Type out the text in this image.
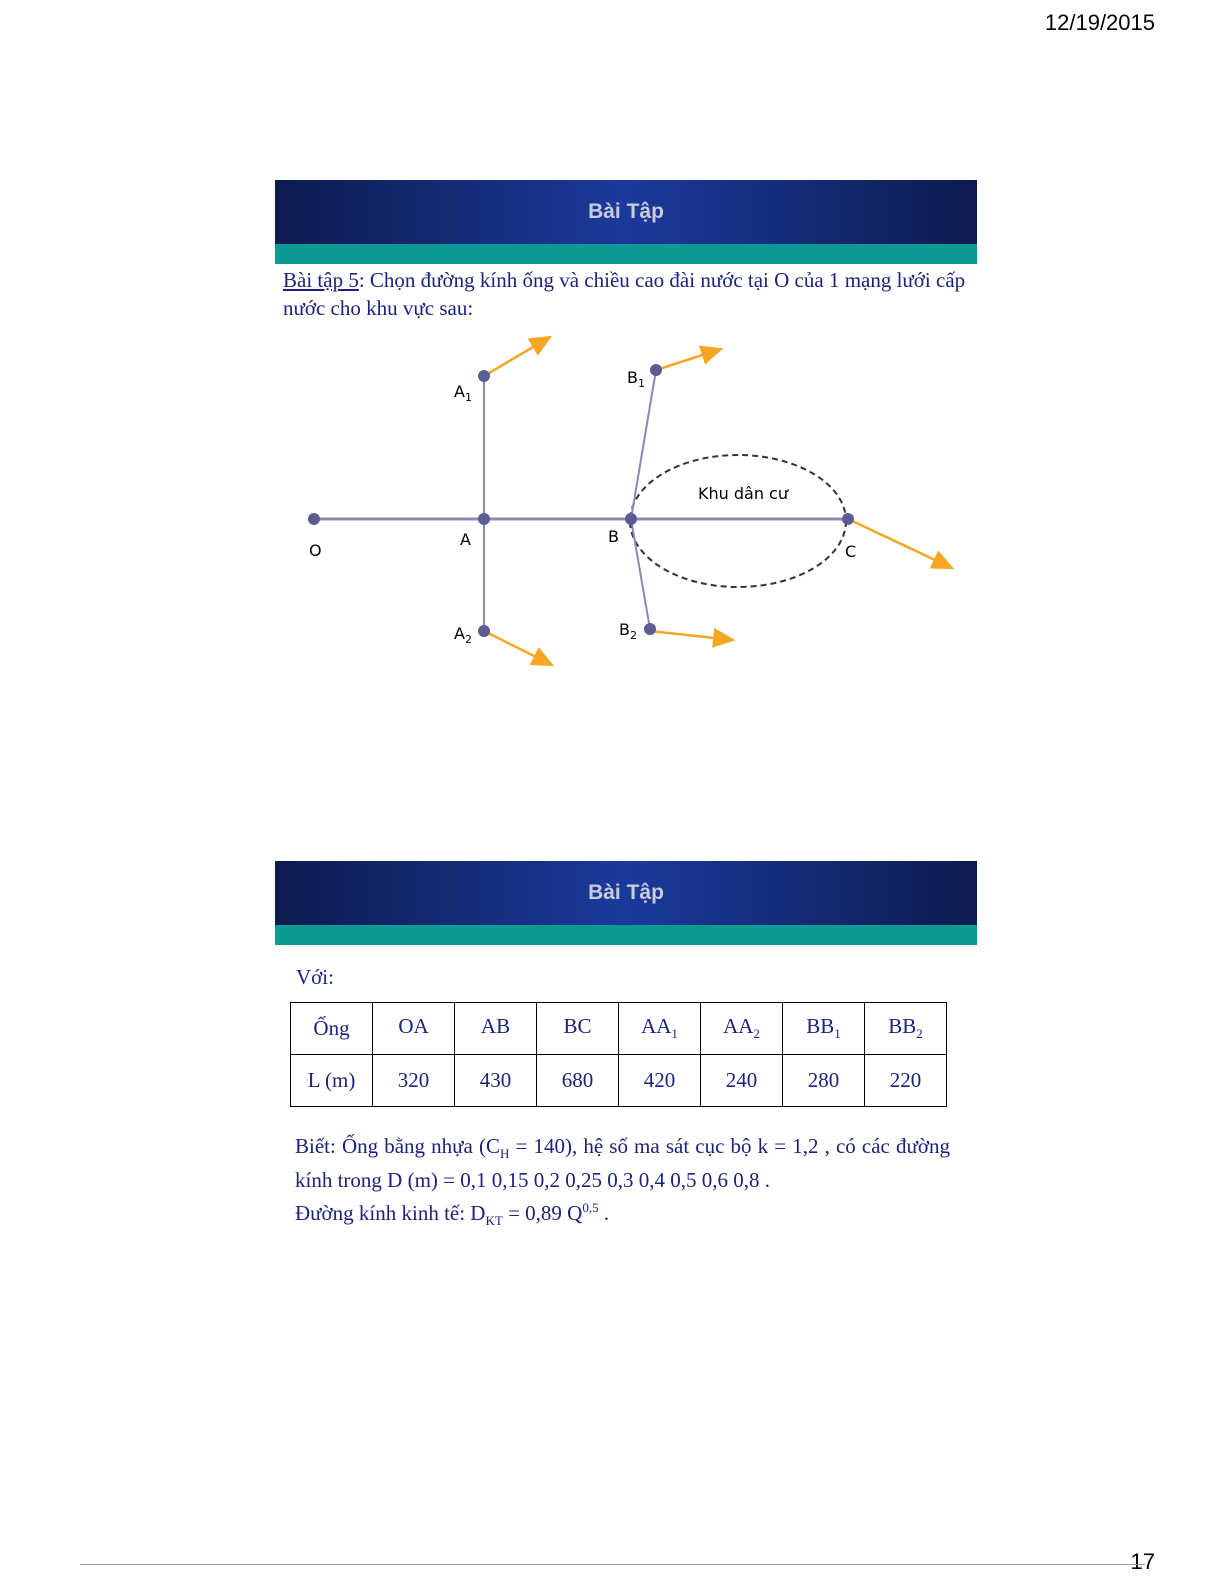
12/19/2015
Bài Tập
Bài tập 5: Chọn đường kính ống và chiều cao đài nước tại O của 1 mạng lưới cấp nước cho khu vực sau:
O
A	B
C
$A_1$
$A_2$
$B_1$
$B_2$
Khu dân cư
Bài Tập
Với:
Ống	OA	AB	BC	$AA_1$	$AA_2$	$BB_1$	$BB_2$
L (m)	320	430	680	420	240	280	220
Biết: Ống bằng nhựa $(C_H = 140)$, hệ số ma sát cục bộ k = 1,2 , có các đường kính trong D (m) = 0,1 0,15 0,2 0,25 0,3 0,4 0,5 0,6 0,8 .
Đường kính kinh tế: $D_{KT} = 0,89$ Q$^{0,5}$ .
17
